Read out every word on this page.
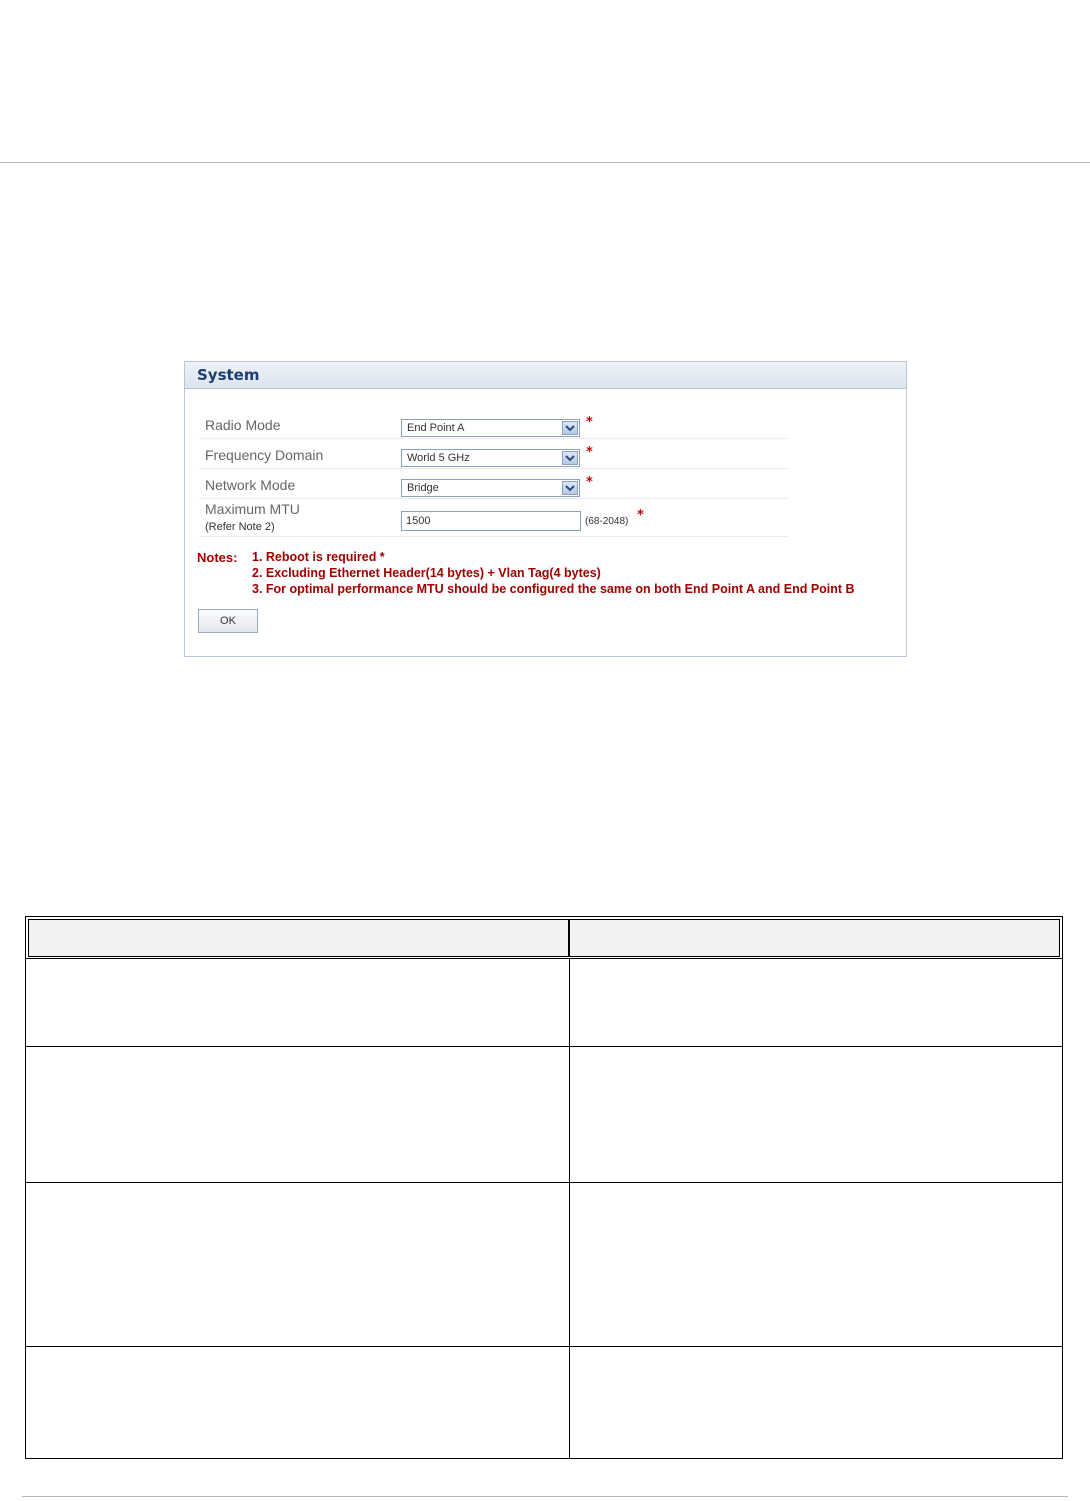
System
Radio Mode	End Point A	*
Frequency Domain	World 5 GHz	*
Network Mode	Bridge	*
Maximum MTU
(Refer Note 2)	1500	(68-2048) *
Notes: 1. Reboot is required *
2. Excluding Ethernet Header(14 bytes) + Vlan Tag(4 bytes)
3. For optimal performance MTU should be configured the same on both End Point A and End Point B
OK
